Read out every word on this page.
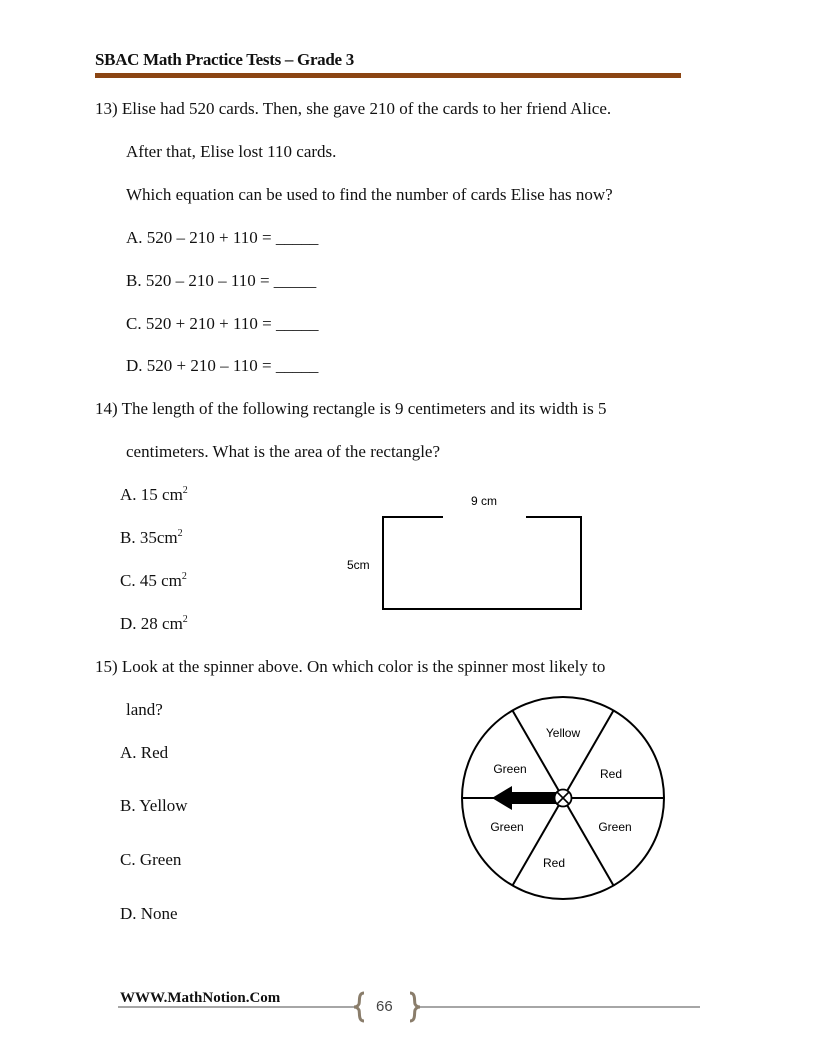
SBAC Math Practice Tests – Grade 3
13) Elise had 520 cards. Then, she gave 210 of the cards to her friend Alice.
After that, Elise lost 110 cards.
Which equation can be used to find the number of cards Elise has now?
A. 520 – 210 + 110 = _____
B. 520 – 210 – 110 = _____
C. 520 + 210 + 110 = _____
D. 520 + 210 – 110 = _____
14) The length of the following rectangle is 9 centimeters and its width is 5
centimeters. What is the area of the rectangle?
A. 15 $cm^2$
B. $35cm^2$
C. 45 $cm^2$
D. 28 $cm^2$
9 cm
5cm
15) Look at the spinner above. On which color is the spinner most likely to
land?
A. Red
B. Yellow
C. Green
D. None
Yellow
Red
Green
Red
Green	Green
WWW.MathNotion.Com	66
